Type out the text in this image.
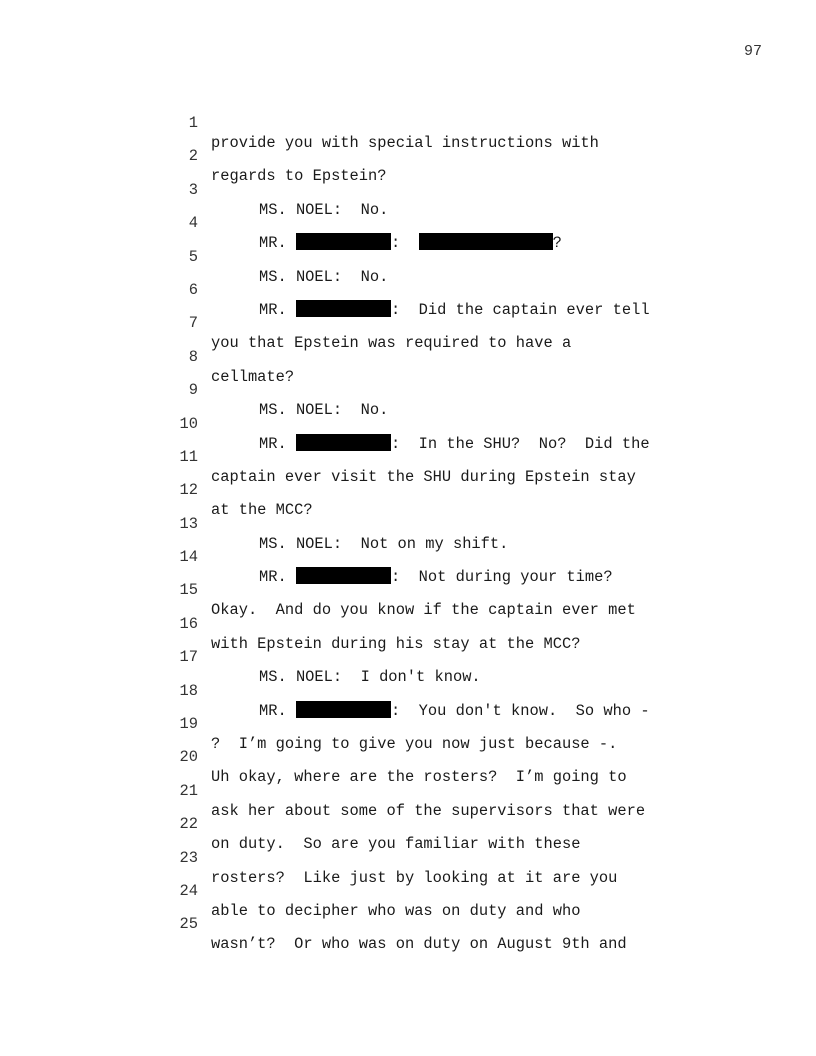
97

1

provide you with special instructions with

2

regards to Epstein?

3

MS. NOEL:  No.

4

MR.	:	?

5

MS. NOEL:  No.

6

MR.	:  Did the captain ever tell

7

you that Epstein was required to have a

8

cellmate?

9

MS. NOEL:  No.

10

MR.	:  In the SHU?  No?  Did the

11

captain ever visit the SHU during Epstein stay

12

at the MCC?

13

MS. NOEL:  Not on my shift.

14

MR.	:  Not during your time?

15

Okay.  And do you know if the captain ever met

16

with Epstein during his stay at the MCC?

17

MS. NOEL:  I don't know.

18

MR.	:  You don't know.  So who -

19

?  I’m going to give you now just because -.

20

Uh okay, where are the rosters?  I’m going to

21

ask her about some of the supervisors that were

22

on duty.  So are you familiar with these

23

rosters?  Like just by looking at it are you

24

able to decipher who was on duty and who

25

wasn’t?  Or who was on duty on August 9th and
